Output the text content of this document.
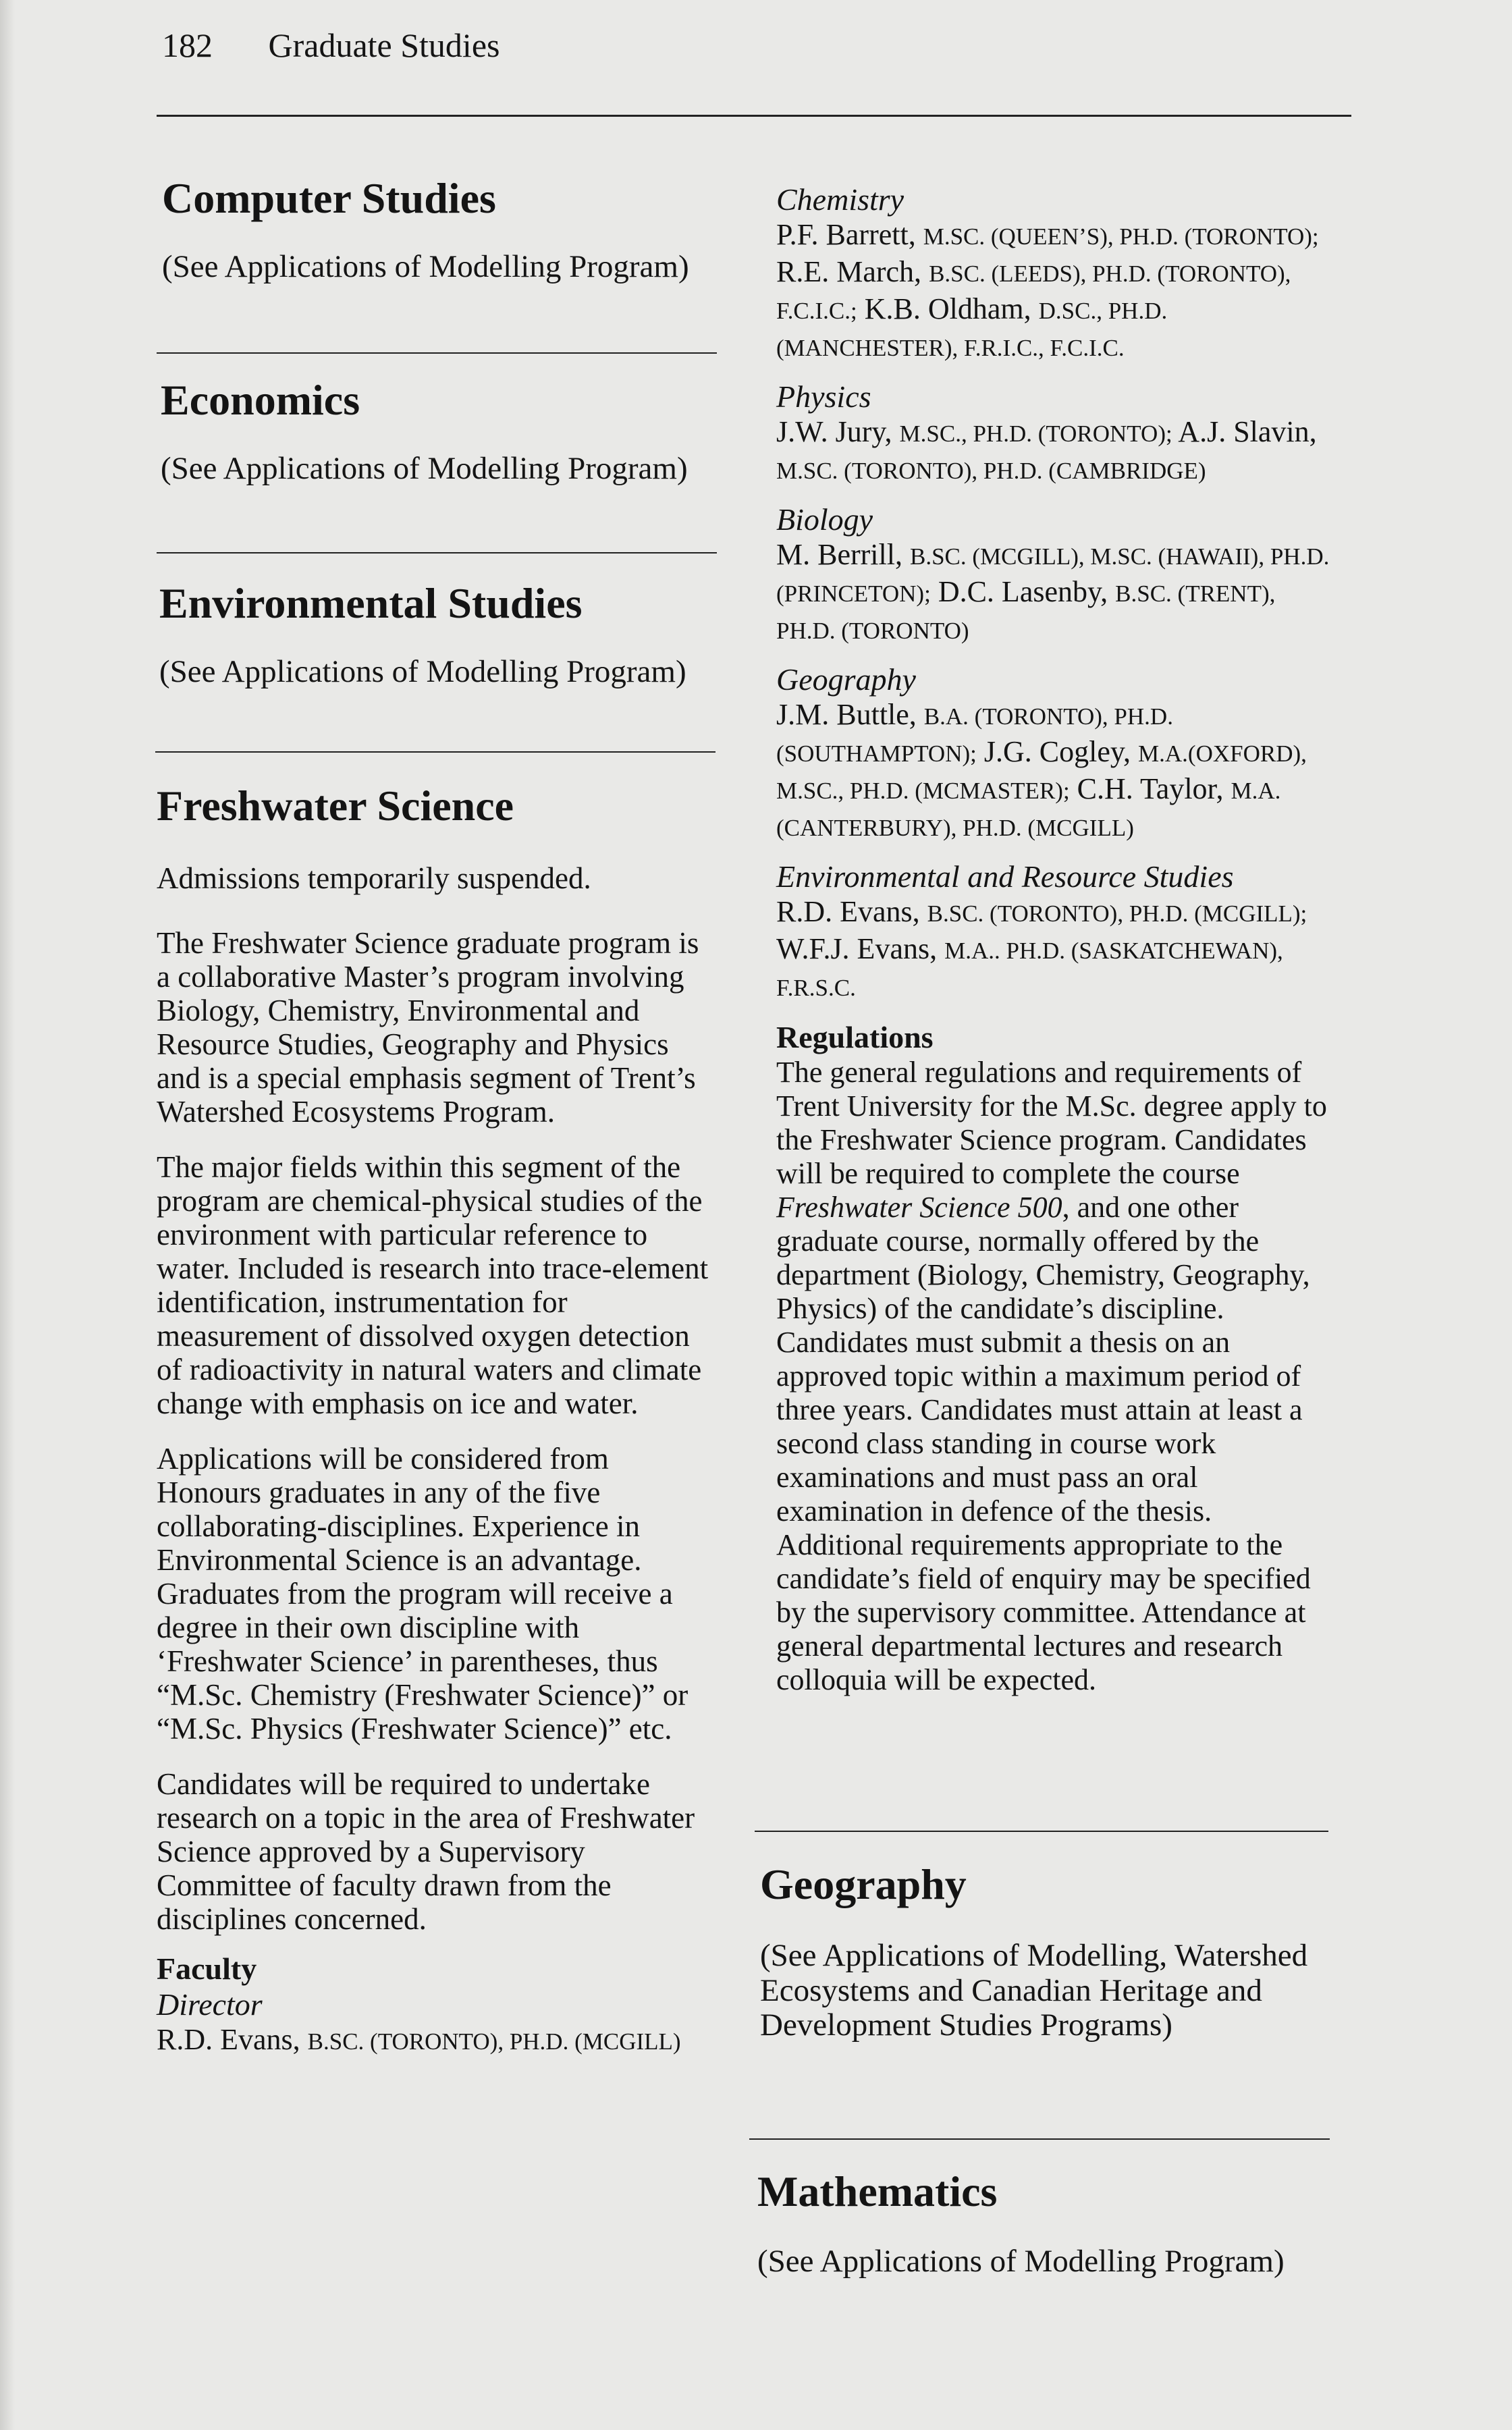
182 Graduate Studies
Computer Studies
(See Applications of Modelling Program)
Economics
(See Applications of Modelling Program)
Environmental Studies
(See Applications of Modelling Program)
Freshwater Science

Admissions temporarily suspended.

The Freshwater Science graduate program is a collaborative Master’s program involving Biology, Chemistry, Environmental and Resource Studies, Geography and Physics and is a special emphasis segment of Trent’s Watershed Ecosystems Program.

The major fields within this segment of the program are chemical-physical studies of the environment with particular reference to water. Included is research into trace-element identification, instrumentation for measurement of dissolved oxygen detection of radioactivity in natural waters and climate change with emphasis on ice and water.

Applications will be considered from Honours graduates in any of the five collaborating-disciplines. Experience in Environmental Science is an advantage. Graduates from the program will receive a degree in their own discipline with ‘Freshwater Science’ in parentheses, thus “M.Sc. Chemistry (Freshwater Science)” or “M.Sc. Physics (Freshwater Science)” etc.

Candidates will be required to undertake research on a topic in the area of Freshwater Science approved by a Supervisory Committee of faculty drawn from the disciplines concerned.

Faculty
Director
R.D. Evans, B.SC. (TORONTO), PH.D. (MCGILL)
Chemistry
P.F. Barrett, M.SC. (QUEEN’S), PH.D. (TORONTO); R.E. March, B.SC. (LEEDS), PH.D. (TORONTO), F.C.I.C.; K.B. Oldham, D.SC., PH.D. (MANCHESTER), F.R.I.C., F.C.I.C.
Physics
J.W. Jury, M.SC., PH.D. (TORONTO); A.J. Slavin, M.SC. (TORONTO), PH.D. (CAMBRIDGE)
Biology
M. Berrill, B.SC. (MCGILL), M.SC. (HAWAII), PH.D. (PRINCETON); D.C. Lasenby, B.SC. (TRENT), PH.D. (TORONTO)
Geography
J.M. Buttle, B.A. (TORONTO), PH.D. (SOUTHAMPTON); J.G. Cogley, M.A.(OXFORD), M.SC., PH.D. (MCMASTER); C.H. Taylor, M.A. (CANTERBURY), PH.D. (MCGILL)
Environmental and Resource Studies
R.D. Evans, B.SC. (TORONTO), PH.D. (MCGILL); W.F.J. Evans, M.A.. PH.D. (SASKATCHEWAN), F.R.S.C.
Regulations
The general regulations and requirements of Trent University for the M.Sc. degree apply to the Freshwater Science program. Candidates will be required to complete the course Freshwater Science 500, and one other graduate course, normally offered by the department (Biology, Chemistry, Geography, Physics) of the candidate’s discipline. Candidates must submit a thesis on an approved topic within a maximum period of three years. Candidates must attain at least a second class standing in course work examinations and must pass an oral examination in defence of the thesis. Additional requirements appropriate to the candidate’s field of enquiry may be specified by the supervisory committee. Attendance at general departmental lectures and research colloquia will be expected.
Geography
(See Applications of Modelling, Watershed Ecosystems and Canadian Heritage and Development Studies Programs)
Mathematics
(See Applications of Modelling Program)
